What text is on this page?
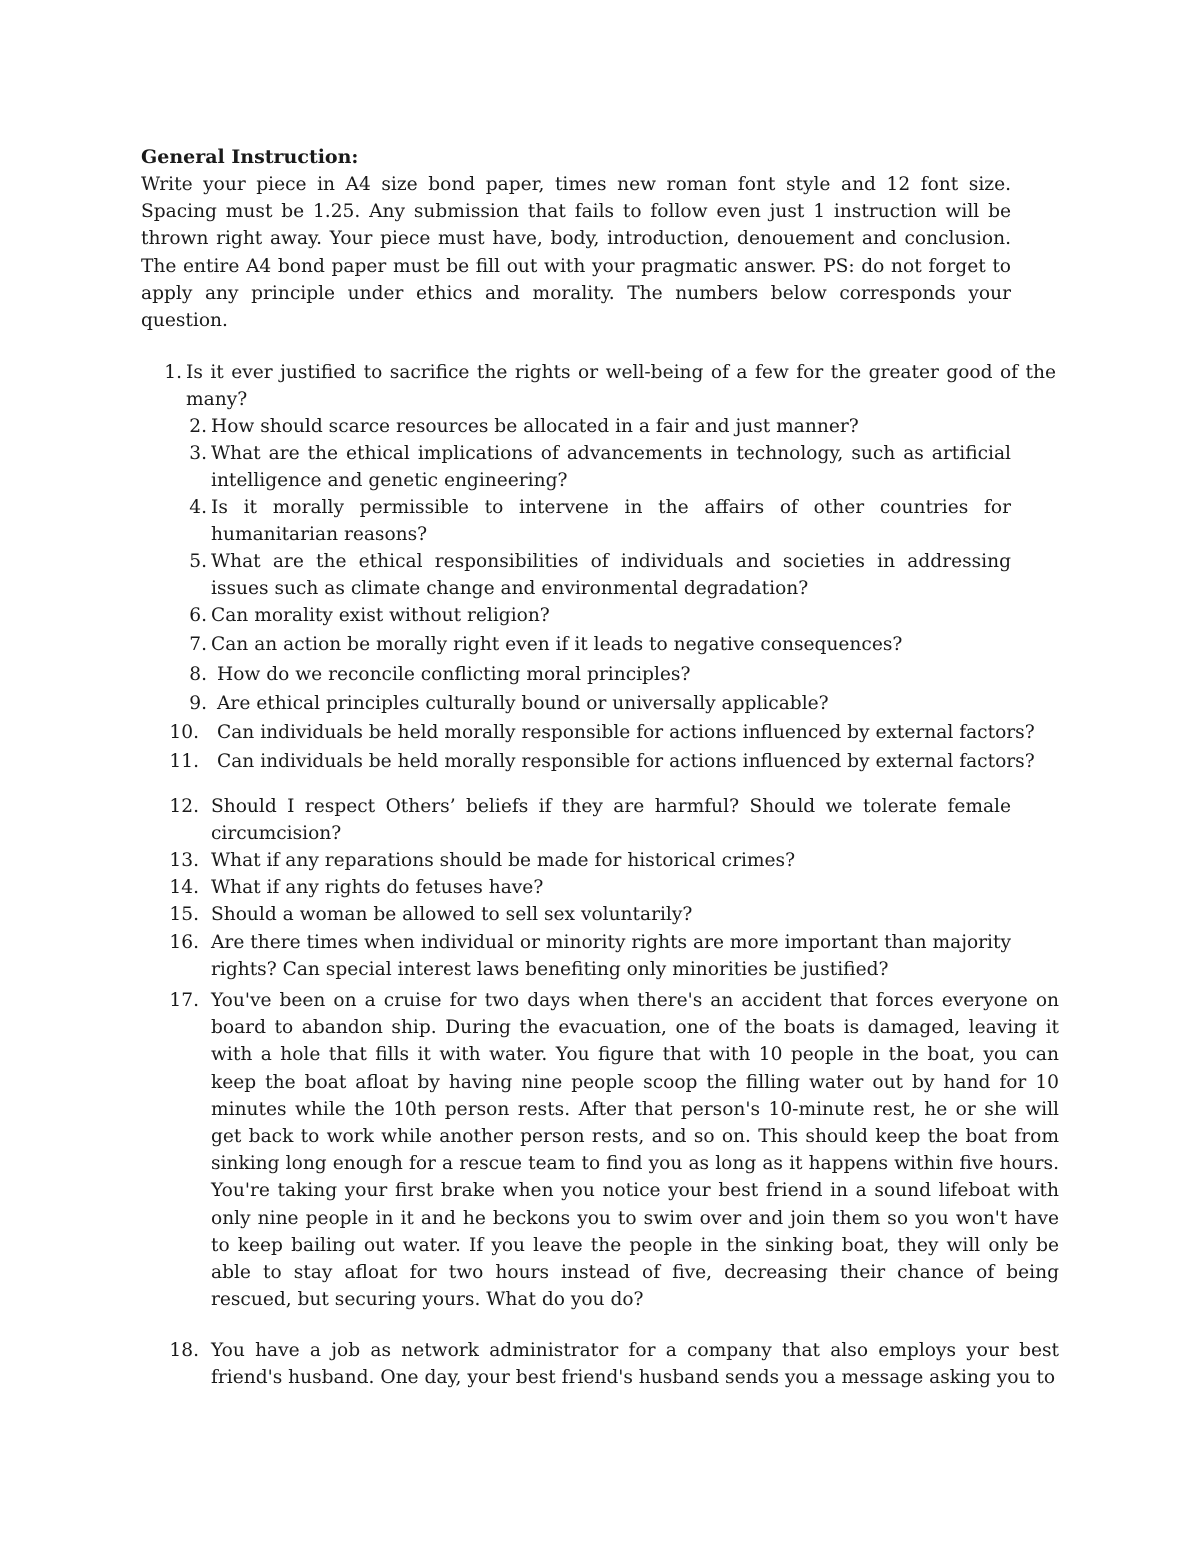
General Instruction:

Write your piece in A4 size bond paper, times new roman font style and 12 font size. Spacing must be 1.25. Any submission that fails to follow even just 1 instruction will be thrown right away. Your piece must have, body, introduction, denouement and conclusion. The entire A4 bond paper must be fill out with your pragmatic answer. PS: do not forget to apply any principle under ethics and morality. The numbers below corresponds your question.

1. Is it ever justified to sacrifice the rights or well-being of a few for the greater good of the many?
2. How should scarce resources be allocated in a fair and just manner?
3. What are the ethical implications of advancements in technology, such as artificial intelligence and genetic engineering?
4. Is it morally permissible to intervene in the affairs of other countries for humanitarian reasons?
5. What are the ethical responsibilities of individuals and societies in addressing issues such as climate change and environmental degradation?
6. Can morality exist without religion?
7. Can an action be morally right even if it leads to negative consequences?
8. How do we reconcile conflicting moral principles?
9. Are ethical principles culturally bound or universally applicable?
10. Can individuals be held morally responsible for actions influenced by external factors?
11. Can individuals be held morally responsible for actions influenced by external factors?
12. Should I respect Others’ beliefs if they are harmful? Should we tolerate female circumcision?
13. What if any reparations should be made for historical crimes?
14. What if any rights do fetuses have?
15. Should a woman be allowed to sell sex voluntarily?
16. Are there times when individual or minority rights are more important than majority rights? Can special interest laws benefiting only minorities be justified?
17. You've been on a cruise for two days when there's an accident that forces everyone on board to abandon ship. During the evacuation, one of the boats is damaged, leaving it with a hole that fills it with water. You figure that with 10 people in the boat, you can keep the boat afloat by having nine people scoop the filling water out by hand for 10 minutes while the 10th person rests. After that person's 10-minute rest, he or she will get back to work while another person rests, and so on. This should keep the boat from sinking long enough for a rescue team to find you as long as it happens within five hours. You're taking your first brake when you notice your best friend in a sound lifeboat with only nine people in it and he beckons you to swim over and join them so you won't have to keep bailing out water. If you leave the people in the sinking boat, they will only be able to stay afloat for two hours instead of five, decreasing their chance of being rescued, but securing yours. What do you do?
18. You have a job as network administrator for a company that also employs your best friend's husband. One day, your best friend's husband sends you a message asking you to
